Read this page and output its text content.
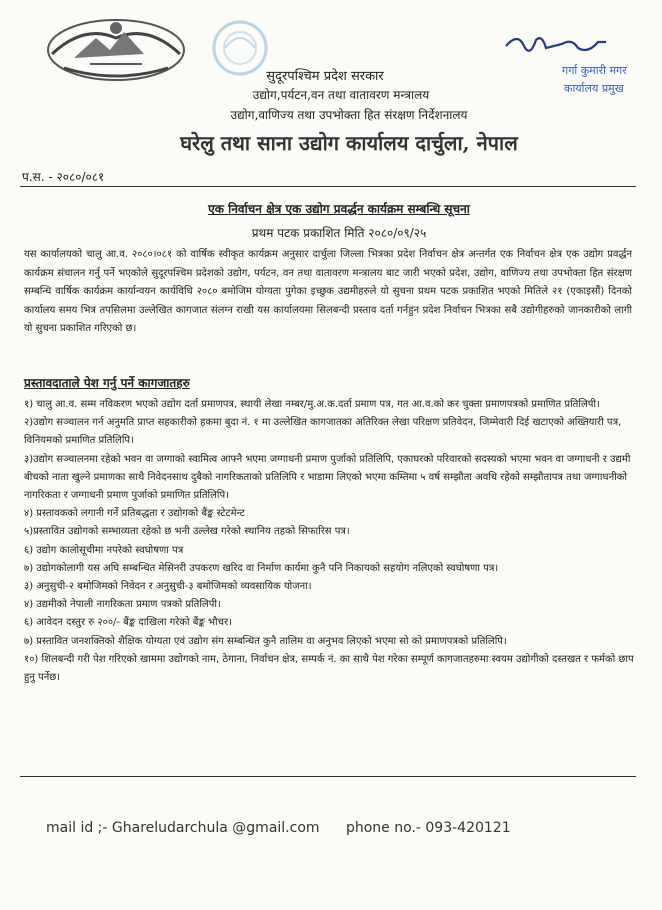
गर्गा कुमारी मगर
कार्यालय प्रमुख
सुदूरपश्चिम प्रदेश सरकार
उद्योग,पर्यटन,वन तथा वातावरण मन्त्रालय
उद्योग,वाणिज्य तथा उपभोक्ता हित संरक्षण निर्देशनालय
घरेलु तथा साना उद्योग कार्यालय दार्चुला, नेपाल
प.स. - २०८०/०८१
एक निर्वाचन क्षेत्र एक उद्योग प्रवर्द्धन कार्यक्रम सम्बन्धि सूचना
प्रथम पटक प्रकाशित मिति २०८०/०९/२५
यस कार्यालयको चालु आ.व. २०८०।०८१ को वार्षिक स्वीकृत कार्यक्रम अनुसार दार्चुला जिल्ला भित्रका प्रदेश निर्वाचन क्षेत्र अन्तर्गत एक निर्वाचन क्षेत्र एक उद्योग प्रवर्द्धन कार्यक्रम संचालन गर्नु पर्ने भएकोले सुदूरपश्चिम प्रदेशको उद्योग, पर्यटन, वन तथा वातावरण मन्त्रालय बाट जारी भएको प्रदेश, उद्योग, वाणिज्य तथा उपभोक्ता हित संरक्षण सम्बन्धि वार्षिक कार्यक्रम कार्यान्वयन कार्यविधि २०८० बमोजिम योग्यता पुगेका इच्छुक उद्यमीहरुले यो सुचना प्रथम पटक प्रकाशित भएको मितिले २१ (एकाइसौं) दिनको कार्यालय समय भित्र तपसिलमा उल्लेखित कागजात संलग्न राखी यस कार्यालयमा सिलबन्दी प्रस्ताव दर्ता गर्नहुन प्रदेश निर्वाचन भित्रका सबै उद्योगीहरुको जानकारीको लागी यो सुचना प्रकाशित गरिएको छ।
प्रस्तावदाताले पेश गर्नु पर्ने कागजातहरु

१) चालु आ.व. सम्म नविकरण भएको उद्योग दर्ता प्रमाणपत्र, स्थायी लेखा नम्बर/मु.अ.क.दर्ता प्रमाण पत्र, गत आ.व.को कर चुक्ता प्रमाणपत्रको प्रमाणित प्रतिलिपी।

२)उद्योग सञ्चालन गर्न अनुमति प्राप्त सहकारीको हकमा बुदा नं. १ मा उल्लेखित कागजातका अतिरिक्त लेखा परिक्षण प्रतिवेदन, जिम्मेवारी दिई खटाएको अख्तियारी पत्र, विनियमको प्रमाणित प्रतिलिपि।

३)उद्योग सञ्चालनमा रहेको भवन वा जग्गाको स्वामित्व आफ्नै भएमा जग्गाधनी प्रमाण पुर्जाको प्रतिलिपि, एकाघरको परिवारको सदस्यको भएमा भवन वा जग्गाधनी र उद्यमी बीचको नाता खुल्ने प्रमाणका साथै निवेदनसाथ दुबैको नागरिकताको प्रतिलिपि र भाडामा लिएको भएमा कम्तिमा ५ वर्ष सम्झौता अवधि रहेको सम्झौतापत्र तथा जग्गाधनीको नागरिकता र जग्गाधनी प्रमाण पुर्जाको प्रमाणित प्रतिलिपि।

४) प्रस्तावकको लगानी गर्ने प्रतिबद्धता र उद्योगको बैंङ्क स्टेटमेन्ट

५)प्रस्तावित उद्योगको सम्भाव्यता रहेको छ भनी उल्लेख गरेको स्थानिय तहको सिफारिस पत्र।

६) उद्योग कालोसूचीमा नपरेको स्वघोषणा पत्र

७) उद्योगकोलागी यस अघि सम्बन्धित मेसिनरी उपकरण खरिद वा निर्माण कार्यमा कुनै पनि निकायको सहयोग नलिएको स्वघोषणा पत्र।

३) अनुसुची-२ बमोजिमको निवेदन र अनुसुची-३ बमोजिमको व्यवसायिक योजना।

४) उद्यमीको नेपाली नागरिकता प्रमाण पत्रको प्रतिलिपी।

६) आवेदन दस्तुर रु २००/- बैंङ्क दाखिला गरेको बैंङ्क भौचर।

७) प्रस्तावित जनशक्तिको शैक्षिक योग्यता एवं उद्योग संग सम्बन्धित कुनै तालिम वा अनुभव लिएको भएमा सो को प्रमाणपत्रको प्रतिलिपि।

१०) शिलबन्दी गरी पेश गरिएको खाममा उद्योगको नाम, ठेगाना, निर्वाचन क्षेत्र, सम्पर्क नं. का साथै पेश गरेका सम्पूर्ण कागजातहरुमा स्वयम उद्योगीको दस्तखत र फर्मको छाप हुनु पर्नेछ।

mail id ;- Ghareludarchula @gmail.com phone no.- 093-420121
